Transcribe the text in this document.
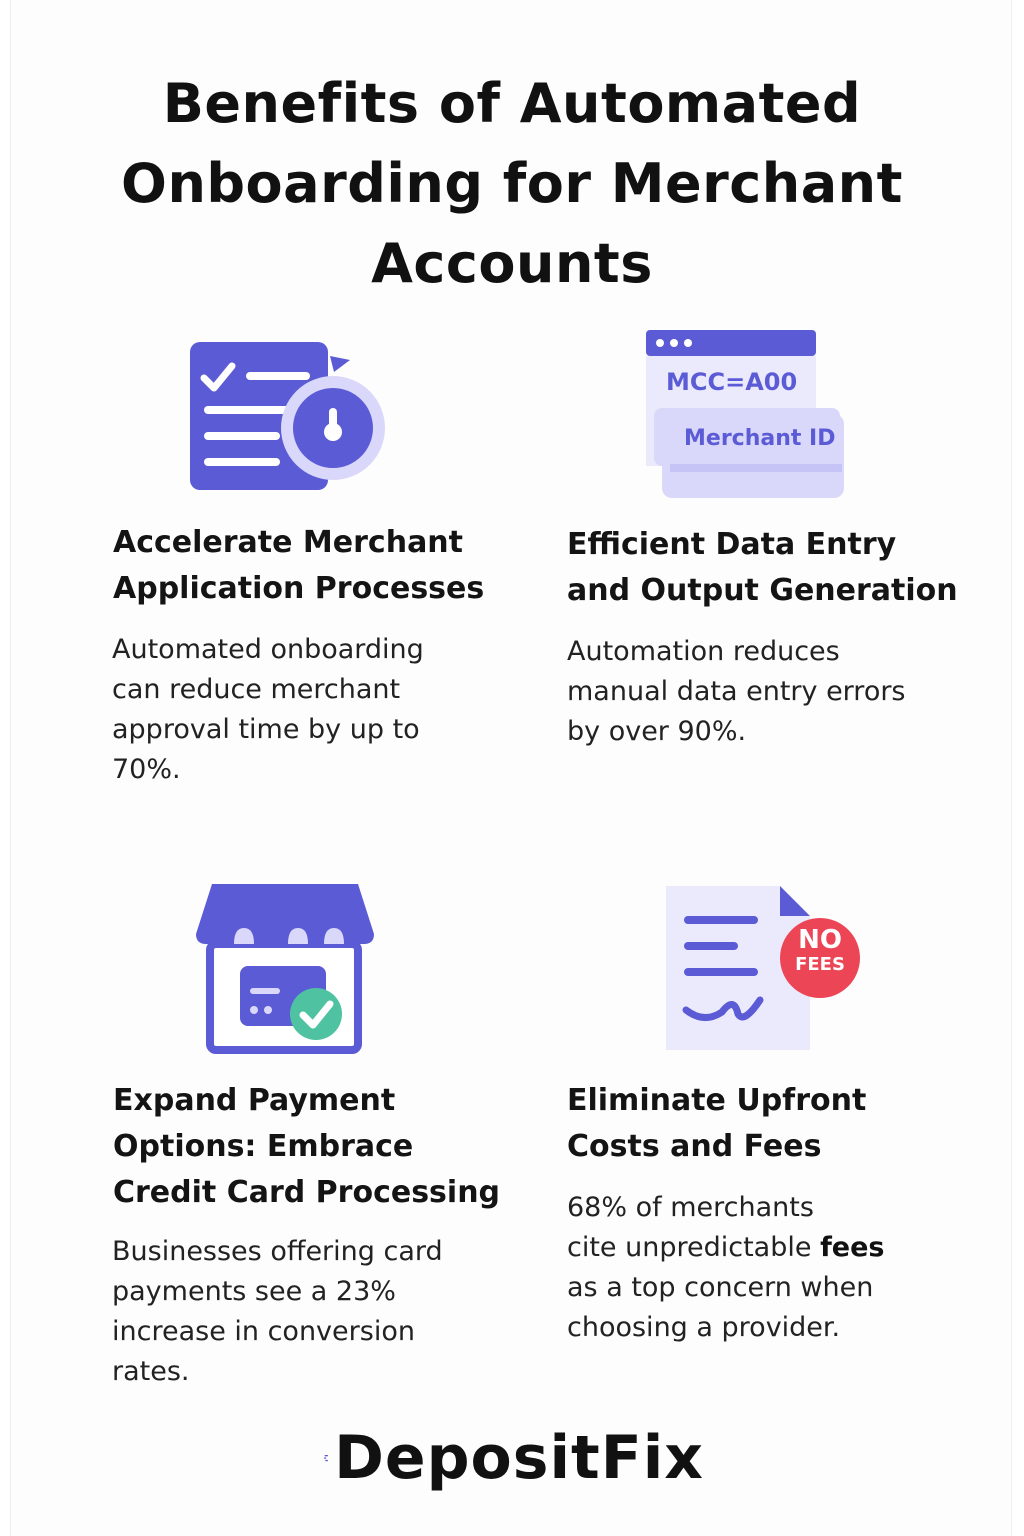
Benefits of Automated
Onboarding for Merchant
Accounts
Accelerate Merchant
Application Processes

Automated onboarding
can reduce merchant
approval time by up to
70%.

MCC=A00
Merchant ID
Efficient Data Entry
and Output Generation

Automation reduces
manual data entry errors
by over 90%.

Expand Payment
Options: Embrace
Credit Card Processing

Businesses offering card
payments see a 23%
increase in conversion
rates.

NO
FEES
Eliminate Upfront
Costs and Fees

68% of merchants
cite unpredictable fees
as a top concern when
choosing a provider.

DepositFix
